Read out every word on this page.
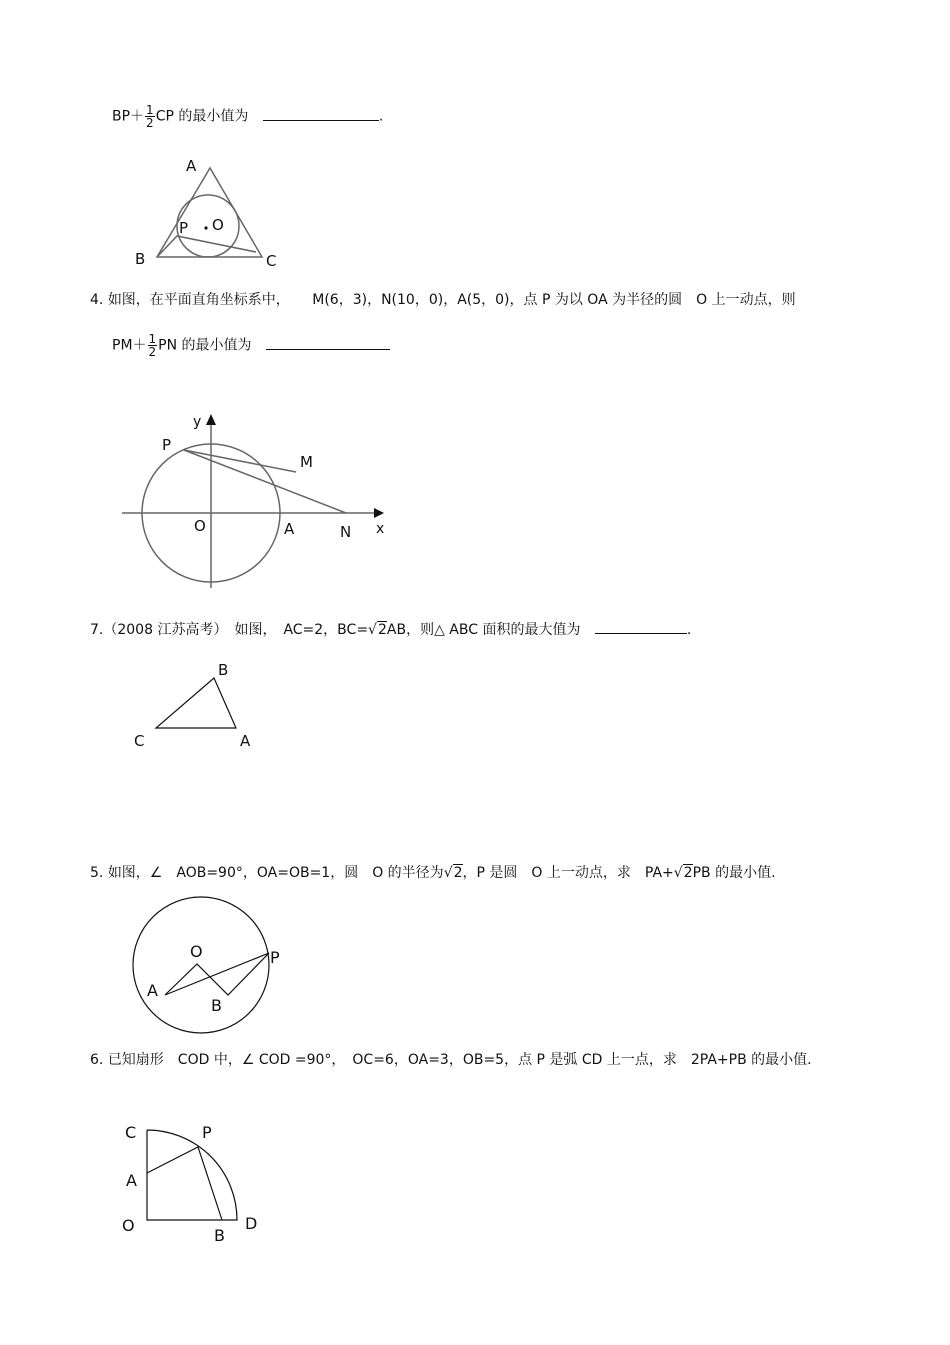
$BP+ \frac{1}{2}$ CP 的最小值为	.
A
B	C
O
P
y
x
P
M
O	A	N
B
C	A
O	P
A
B
C	P
A
O
B
D
4. 如图，在平面直角坐标系中， M(6，3)，N(10，0)，A(5，0)，点 P 为以 OA 为半径的圆　O 上一动点，则
$PM+ \frac{1}{2}$ PN 的最小值为
7.（2008 江苏高考）　如图，　AC=2，BC=√2AB，则△ ABC 面积的最大值为	.
5. 如图，∠　AOB=90°，OA=OB=1，圆　O 的半径为√2，P 是圆　O 上一动点，求　PA+√2PB 的最小值.
6. 已知扇形　COD 中，∠ COD =90°，　OC=6，OA=3，OB=5，点 P 是弧 CD 上一点，求　2PA+PB 的最小值.
